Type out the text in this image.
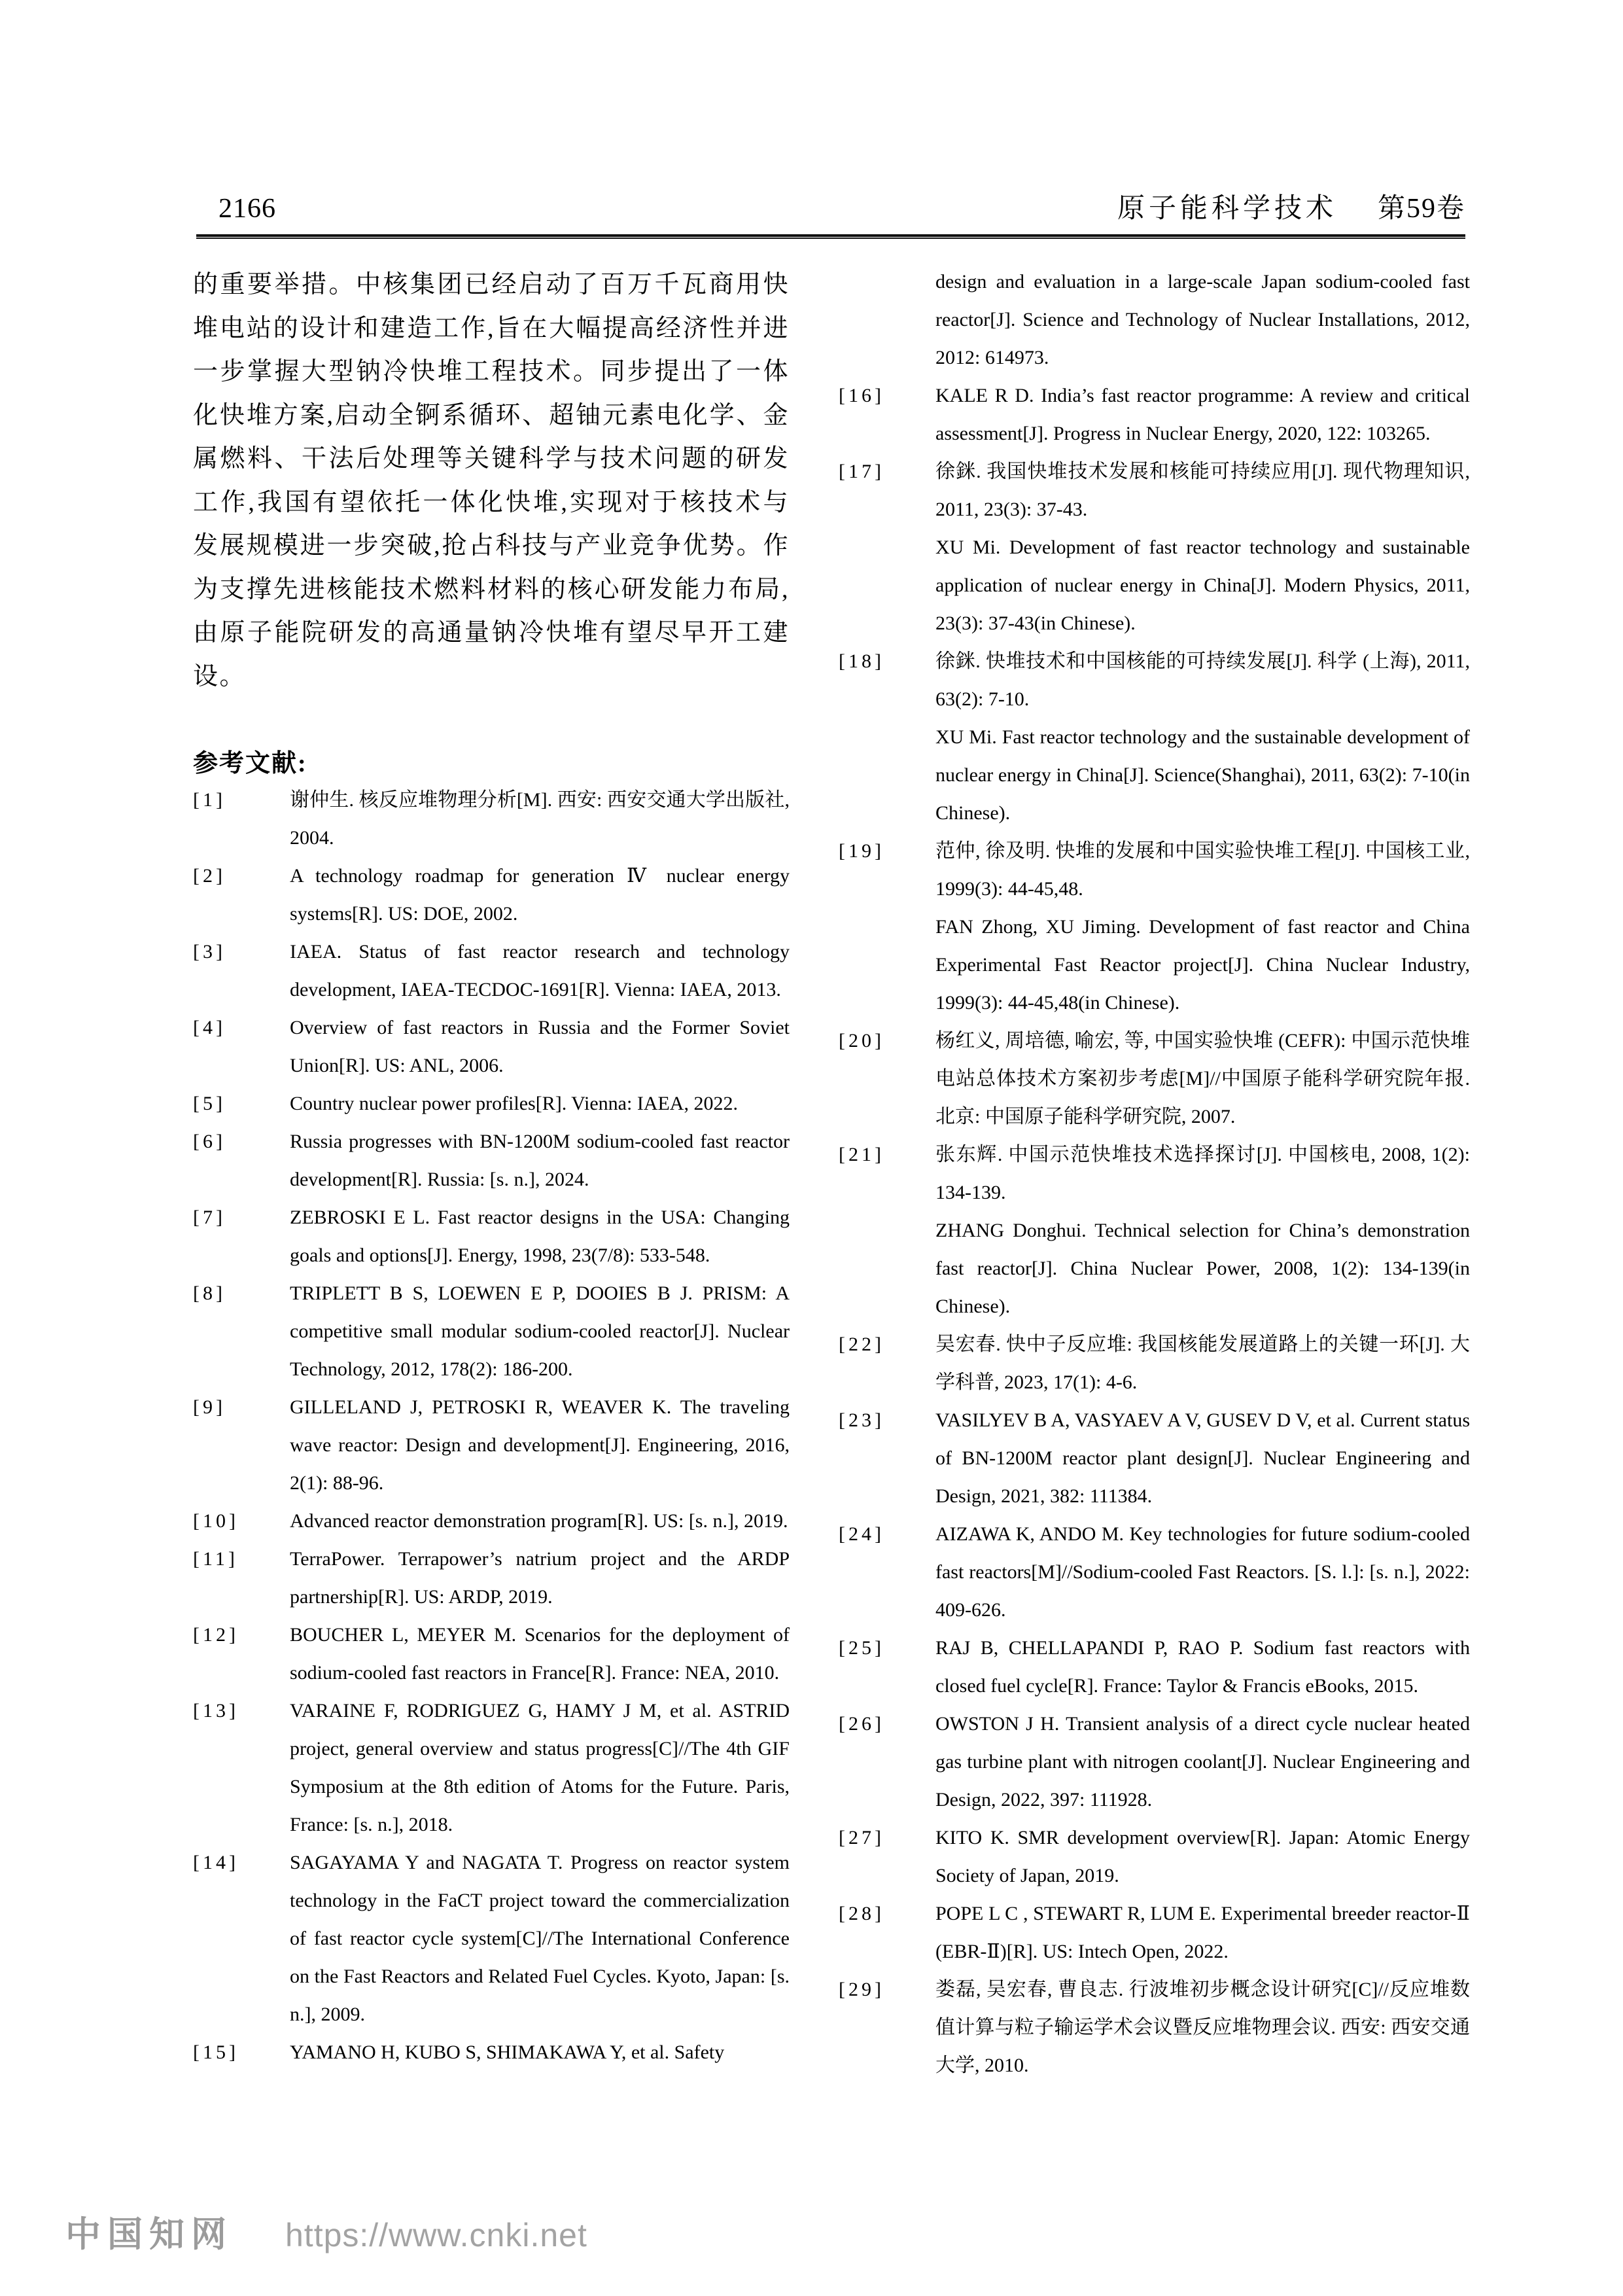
2166	原子能科学技术 第59卷
的重要举措。中核集团已经启动了百万千瓦商用快堆电站的设计和建造工作,旨在大幅提高经济性并进一步掌握大型钠冷快堆工程技术。同步提出了一体化快堆方案,启动全锕系循环、超铀元素电化学、金属燃料、干法后处理等关键科学与技术问题的研发工作,我国有望依托一体化快堆,实现对于核技术与发展规模进一步突破,抢占科技与产业竞争优势。作为支撑先进核能技术燃料材料的核心研发能力布局,由原子能院研发的高通量钠冷快堆有望尽早开工建设。
参考文献:
[1]	谢仲生. 核反应堆物理分析[M]. 西安: 西安交通大学出版社, 2004.
[2]	A technology roadmap for generation Ⅳ nuclear energy systems[R]. US: DOE, 2002.
[3]	IAEA. Status of fast reactor research and technology development, IAEA-TECDOC-1691[R]. Vienna: IAEA, 2013.
[4]	Overview of fast reactors in Russia and the Former Soviet Union[R]. US: ANL, 2006.
[5]	Country nuclear power profiles[R]. Vienna: IAEA, 2022.
[6]	Russia progresses with BN-1200M sodium-cooled fast reactor development[R]. Russia: [s. n.], 2024.
[7]	ZEBROSKI E L. Fast reactor designs in the USA: Changing goals and options[J]. Energy, 1998, 23(7/8): 533-548.
[8]	TRIPLETT B S, LOEWEN E P, DOOIES B J. PRISM: A competitive small modular sodium-cooled reactor[J]. Nuclear Technology, 2012, 178(2): 186-200.
[9]	GILLELAND J, PETROSKI R, WEAVER K. The traveling wave reactor: Design and development[J]. Engineering, 2016, 2(1): 88-96.
[10]	Advanced reactor demonstration program[R]. US: [s. n.], 2019.
[11]	TerraPower. Terrapower’s natrium project and the ARDP partnership[R]. US: ARDP, 2019.
[12]	BOUCHER L, MEYER M. Scenarios for the deployment of sodium-cooled fast reactors in France[R]. France: NEA, 2010.
[13]	VARAINE F, RODRIGUEZ G, HAMY J M, et al. ASTRID project, general overview and status progress[C]//The 4th GIF Symposium at the 8th edition of Atoms for the Future. Paris, France: [s. n.], 2018.
[14]	SAGAYAMA Y and NAGATA T. Progress on reactor system technology in the FaCT project toward the commercialization of fast reactor cycle system[C]//The International Conference on the Fast Reactors and Related Fuel Cycles. Kyoto, Japan: [s. n.], 2009.
[15]	YAMANO H, KUBO S, SHIMAKAWA Y, et al. Safety
design and evaluation in a large-scale Japan sodium-cooled fast reactor[J]. Science and Technology of Nuclear Installations, 2012, 2012: 614973.
[16]	KALE R D. India’s fast reactor programme: A review and critical assessment[J]. Progress in Nuclear Energy, 2020, 122: 103265.
[17]	徐銤. 我国快堆技术发展和核能可持续应用[J]. 现代物理知识, 2011, 23(3): 37-43.
XU Mi. Development of fast reactor technology and sustainable application of nuclear energy in China[J]. Modern Physics, 2011, 23(3): 37-43(in Chinese).
[18]	徐銤. 快堆技术和中国核能的可持续发展[J]. 科学 (上海), 2011, 63(2): 7-10.
XU Mi. Fast reactor technology and the sustainable development of nuclear energy in China[J]. Science(Shanghai), 2011, 63(2): 7-10(in Chinese).
[19]	范仲, 徐及明. 快堆的发展和中国实验快堆工程[J]. 中国核工业, 1999(3): 44-45,48.
FAN Zhong, XU Jiming. Development of fast reactor and China Experimental Fast Reactor project[J]. China Nuclear Industry, 1999(3): 44-45,48(in Chinese).
[20]	杨红义, 周培德, 喻宏, 等, 中国实验快堆 (CEFR): 中国示范快堆电站总体技术方案初步考虑[M]//中国原子能科学研究院年报. 北京: 中国原子能科学研究院, 2007.
[21]	张东辉. 中国示范快堆技术选择探讨[J]. 中国核电, 2008, 1(2): 134-139.
ZHANG Donghui. Technical selection for China’s demonstration fast reactor[J]. China Nuclear Power, 2008, 1(2): 134-139(in Chinese).
[22]	吴宏春. 快中子反应堆: 我国核能发展道路上的关键一环[J]. 大学科普, 2023, 17(1): 4-6.
[23]	VASILYEV B A, VASYAEV A V, GUSEV D V, et al. Current status of BN-1200M reactor plant design[J]. Nuclear Engineering and Design, 2021, 382: 111384.
[24]	AIZAWA K, ANDO M. Key technologies for future sodium-cooled fast reactors[M]//Sodium-cooled Fast Reactors. [S. l.]: [s. n.], 2022: 409-626.
[25]	RAJ B, CHELLAPANDI P, RAO P. Sodium fast reactors with closed fuel cycle[R]. France: Taylor & Francis eBooks, 2015.
[26]	OWSTON J H. Transient analysis of a direct cycle nuclear heated gas turbine plant with nitrogen coolant[J]. Nuclear Engineering and Design, 2022, 397: 111928.
[27]	KITO K. SMR development overview[R]. Japan: Atomic Energy Society of Japan, 2019.
[28]	POPE L C , STEWART R, LUM E. Experimental breeder reactor-Ⅱ (EBR-Ⅱ)[R]. US: Intech Open, 2022.
[29]	娄磊, 吴宏春, 曹良志. 行波堆初步概念设计研究[C]//反应堆数值计算与粒子输运学术会议暨反应堆物理会议. 西安: 西安交通大学, 2010.
中国知网 https://www.cnki.net
